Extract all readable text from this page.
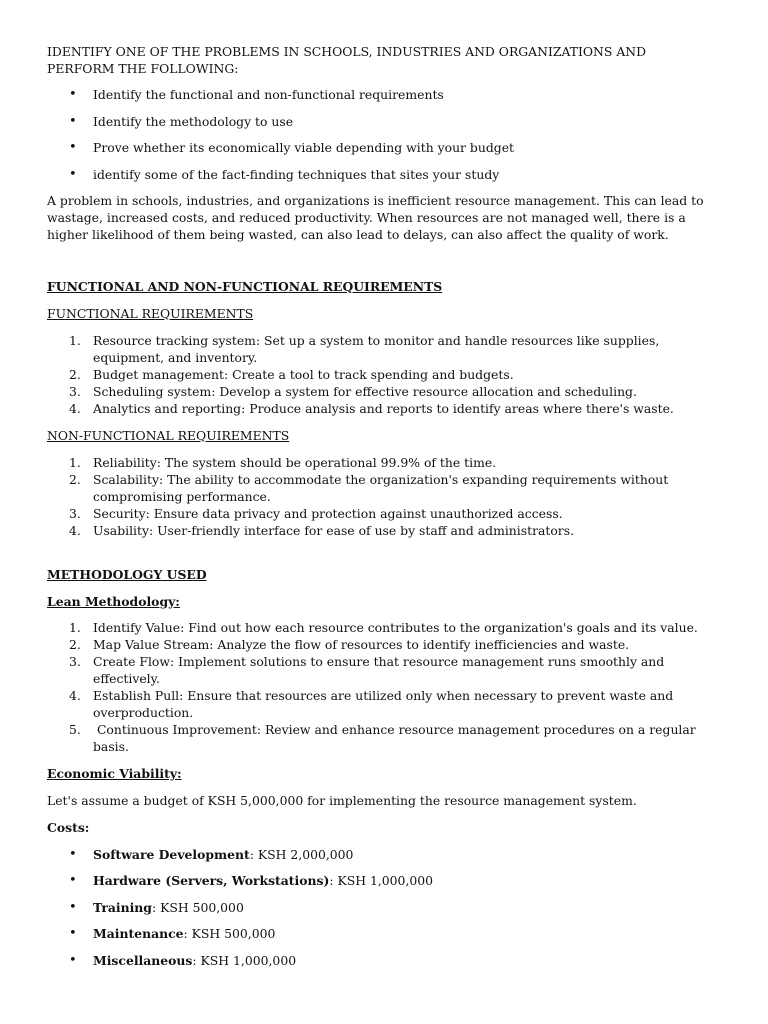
IDENTIFY ONE OF THE PROBLEMS IN SCHOOLS, INDUSTRIES AND ORGANIZATIONS AND PERFORM THE FOLLOWING:

• Identify the functional and non-functional requirements
• Identify the methodology to use
• Prove whether its economically viable depending with your budget
• identify some of the fact-finding techniques that sites your study

A problem in schools, industries, and organizations is inefficient resource management. This can lead to wastage, increased costs, and reduced productivity. When resources are not managed well, there is a higher likelihood of them being wasted, can also lead to delays, can also affect the quality of work.

FUNCTIONAL AND NON-FUNCTIONAL REQUIREMENTS

FUNCTIONAL REQUIREMENTS

1. Resource tracking system: Set up a system to monitor and handle resources like supplies, equipment, and inventory.
2. Budget management: Create a tool to track spending and budgets.
3. Scheduling system: Develop a system for effective resource allocation and scheduling.
4. Analytics and reporting: Produce analysis and reports to identify areas where there's waste.

NON-FUNCTIONAL REQUIREMENTS

1. Reliability: The system should be operational 99.9% of the time.
2. Scalability: The ability to accommodate the organization's expanding requirements without compromising performance.
3. Security: Ensure data privacy and protection against unauthorized access.
4. Usability: User-friendly interface for ease of use by staff and administrators.

METHODOLOGY USED

Lean Methodology:

1. Identify Value: Find out how each resource contributes to the organization's goals and its value.
2. Map Value Stream: Analyze the flow of resources to identify inefficiencies and waste.
3. Create Flow: Implement solutions to ensure that resource management runs smoothly and effectively.
4. Establish Pull: Ensure that resources are utilized only when necessary to prevent waste and overproduction.
5. Continuous Improvement: Review and enhance resource management procedures on a regular basis.

Economic Viability:

Let's assume a budget of KSH 5,000,000 for implementing the resource management system.

Costs:

• Software Development: KSH 2,000,000
• Hardware (Servers, Workstations): KSH 1,000,000
• Training: KSH 500,000
• Maintenance: KSH 500,000
• Miscellaneous: KSH 1,000,000
